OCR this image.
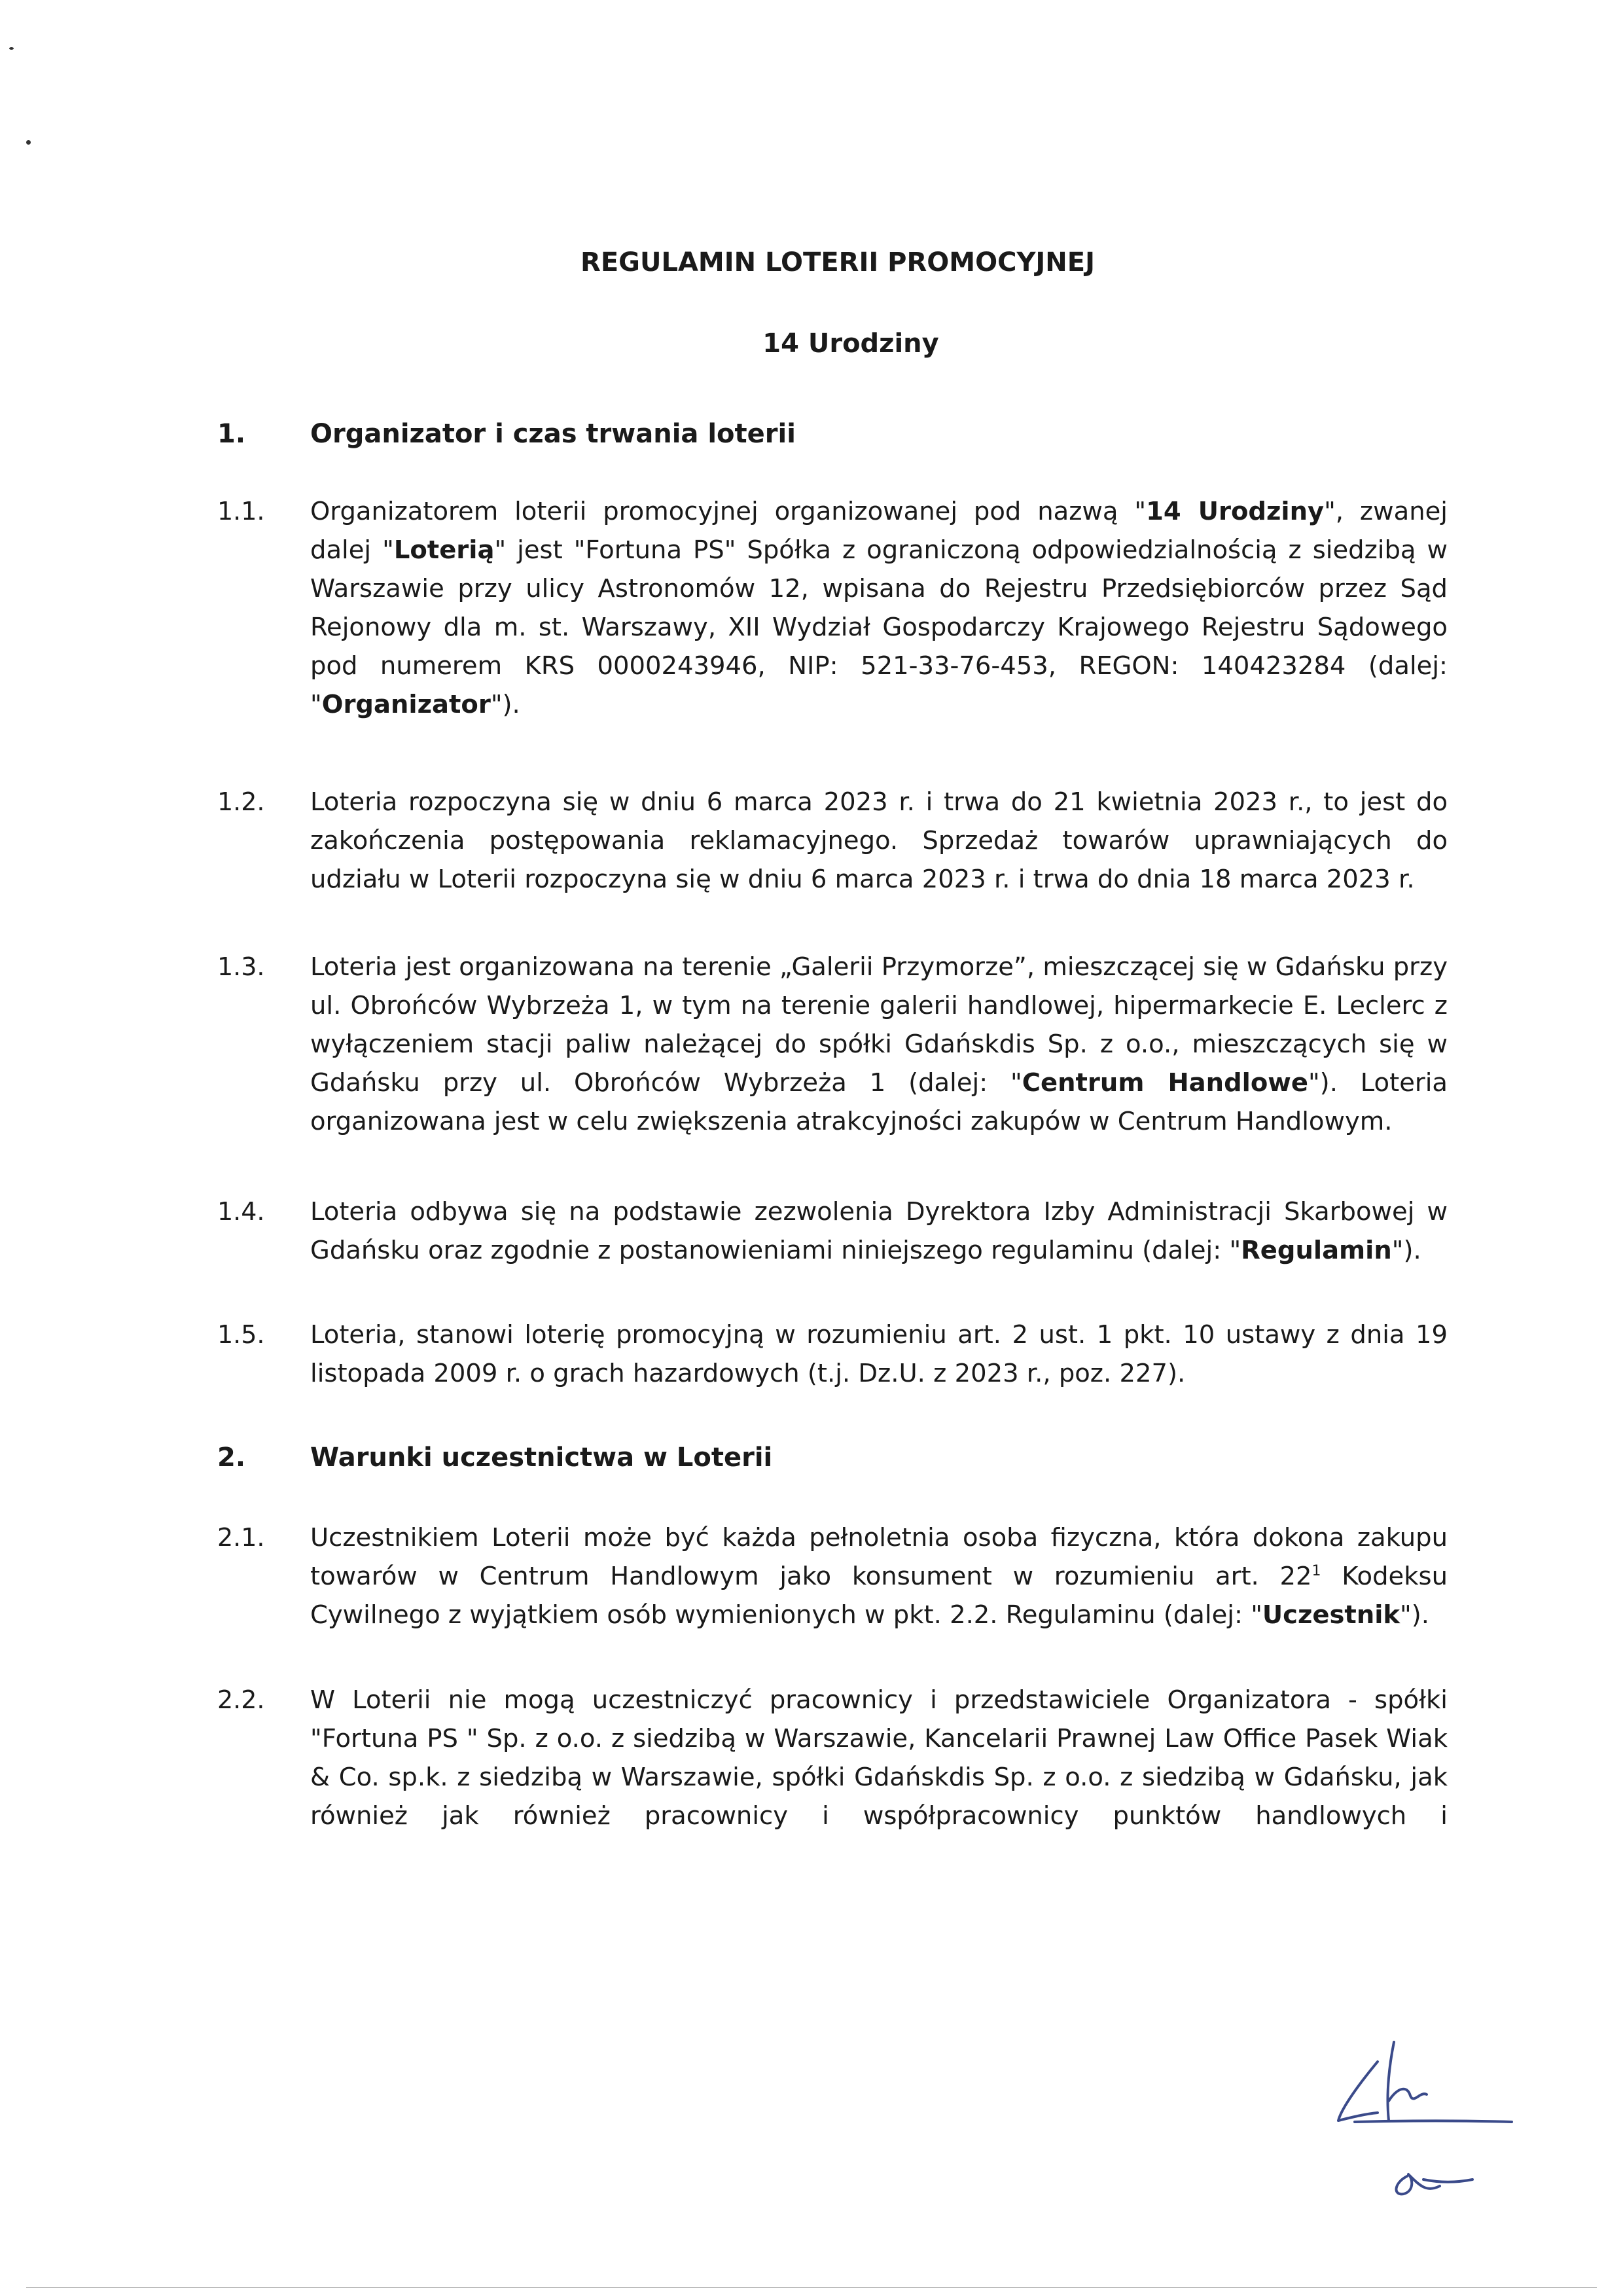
REGULAMIN LOTERII PROMOCYJNEJ
14 Urodziny
1. Organizator i czas trwania loterii
1.1. Organizatorem loterii promocyjnej organizowanej pod nazwą "14 Urodziny", zwanej dalej "Loterią" jest "Fortuna PS" Spółka z ograniczoną odpowiedzialnością z siedzibą w Warszawie przy ulicy Astronomów 12, wpisana do Rejestru Przedsiębiorców przez Sąd Rejonowy dla m. st. Warszawy, XII Wydział Gospodarczy Krajowego Rejestru Sądowego pod numerem KRS 0000243946, NIP: 521-33-76-453, REGON: 140423284 (dalej: "Organizator").
1.2. Loteria rozpoczyna się w dniu 6 marca 2023 r. i trwa do 21 kwietnia 2023 r., to jest do zakończenia postępowania reklamacyjnego. Sprzedaż towarów uprawniających do udziału w Loterii rozpoczyna się w dniu 6 marca 2023 r. i trwa do dnia 18 marca 2023 r.
1.3. Loteria jest organizowana na terenie „Galerii Przymorze”, mieszczącej się w Gdańsku przy ul. Obrońców Wybrzeża 1, w tym na terenie galerii handlowej, hipermarkecie E. Leclerc z wyłączeniem stacji paliw należącej do spółki Gdańskdis Sp. z o.o., mieszczących się w Gdańsku przy ul. Obrońców Wybrzeża 1 (dalej: "Centrum Handlowe"). Loteria organizowana jest w celu zwiększenia atrakcyjności zakupów w Centrum Handlowym.
1.4. Loteria odbywa się na podstawie zezwolenia Dyrektora Izby Administracji Skarbowej w Gdańsku oraz zgodnie z postanowieniami niniejszego regulaminu (dalej: "Regulamin").
1.5. Loteria, stanowi loterię promocyjną w rozumieniu art. 2 ust. 1 pkt. 10 ustawy z dnia 19 listopada 2009 r. o grach hazardowych (t.j. Dz.U. z 2023 r., poz. 227).
2. Warunki uczestnictwa w Loterii
2.1. Uczestnikiem Loterii może być każda pełnoletnia osoba fizyczna, która dokona zakupu towarów w Centrum Handlowym jako konsument w rozumieniu art. $22^1$ Kodeksu Cywilnego z wyjątkiem osób wymienionych w pkt. 2.2. Regulaminu (dalej: "Uczestnik").
2.2. W Loterii nie mogą uczestniczyć pracownicy i przedstawiciele Organizatora - spółki "Fortuna PS " Sp. z o.o. z siedzibą w Warszawie, Kancelarii Prawnej Law Office Pasek Wiak & Co. sp.k. z siedzibą w Warszawie, spółki Gdańskdis Sp. z o.o. z siedzibą w Gdańsku, jak również jak również pracownicy i współpracownicy punktów handlowych i
